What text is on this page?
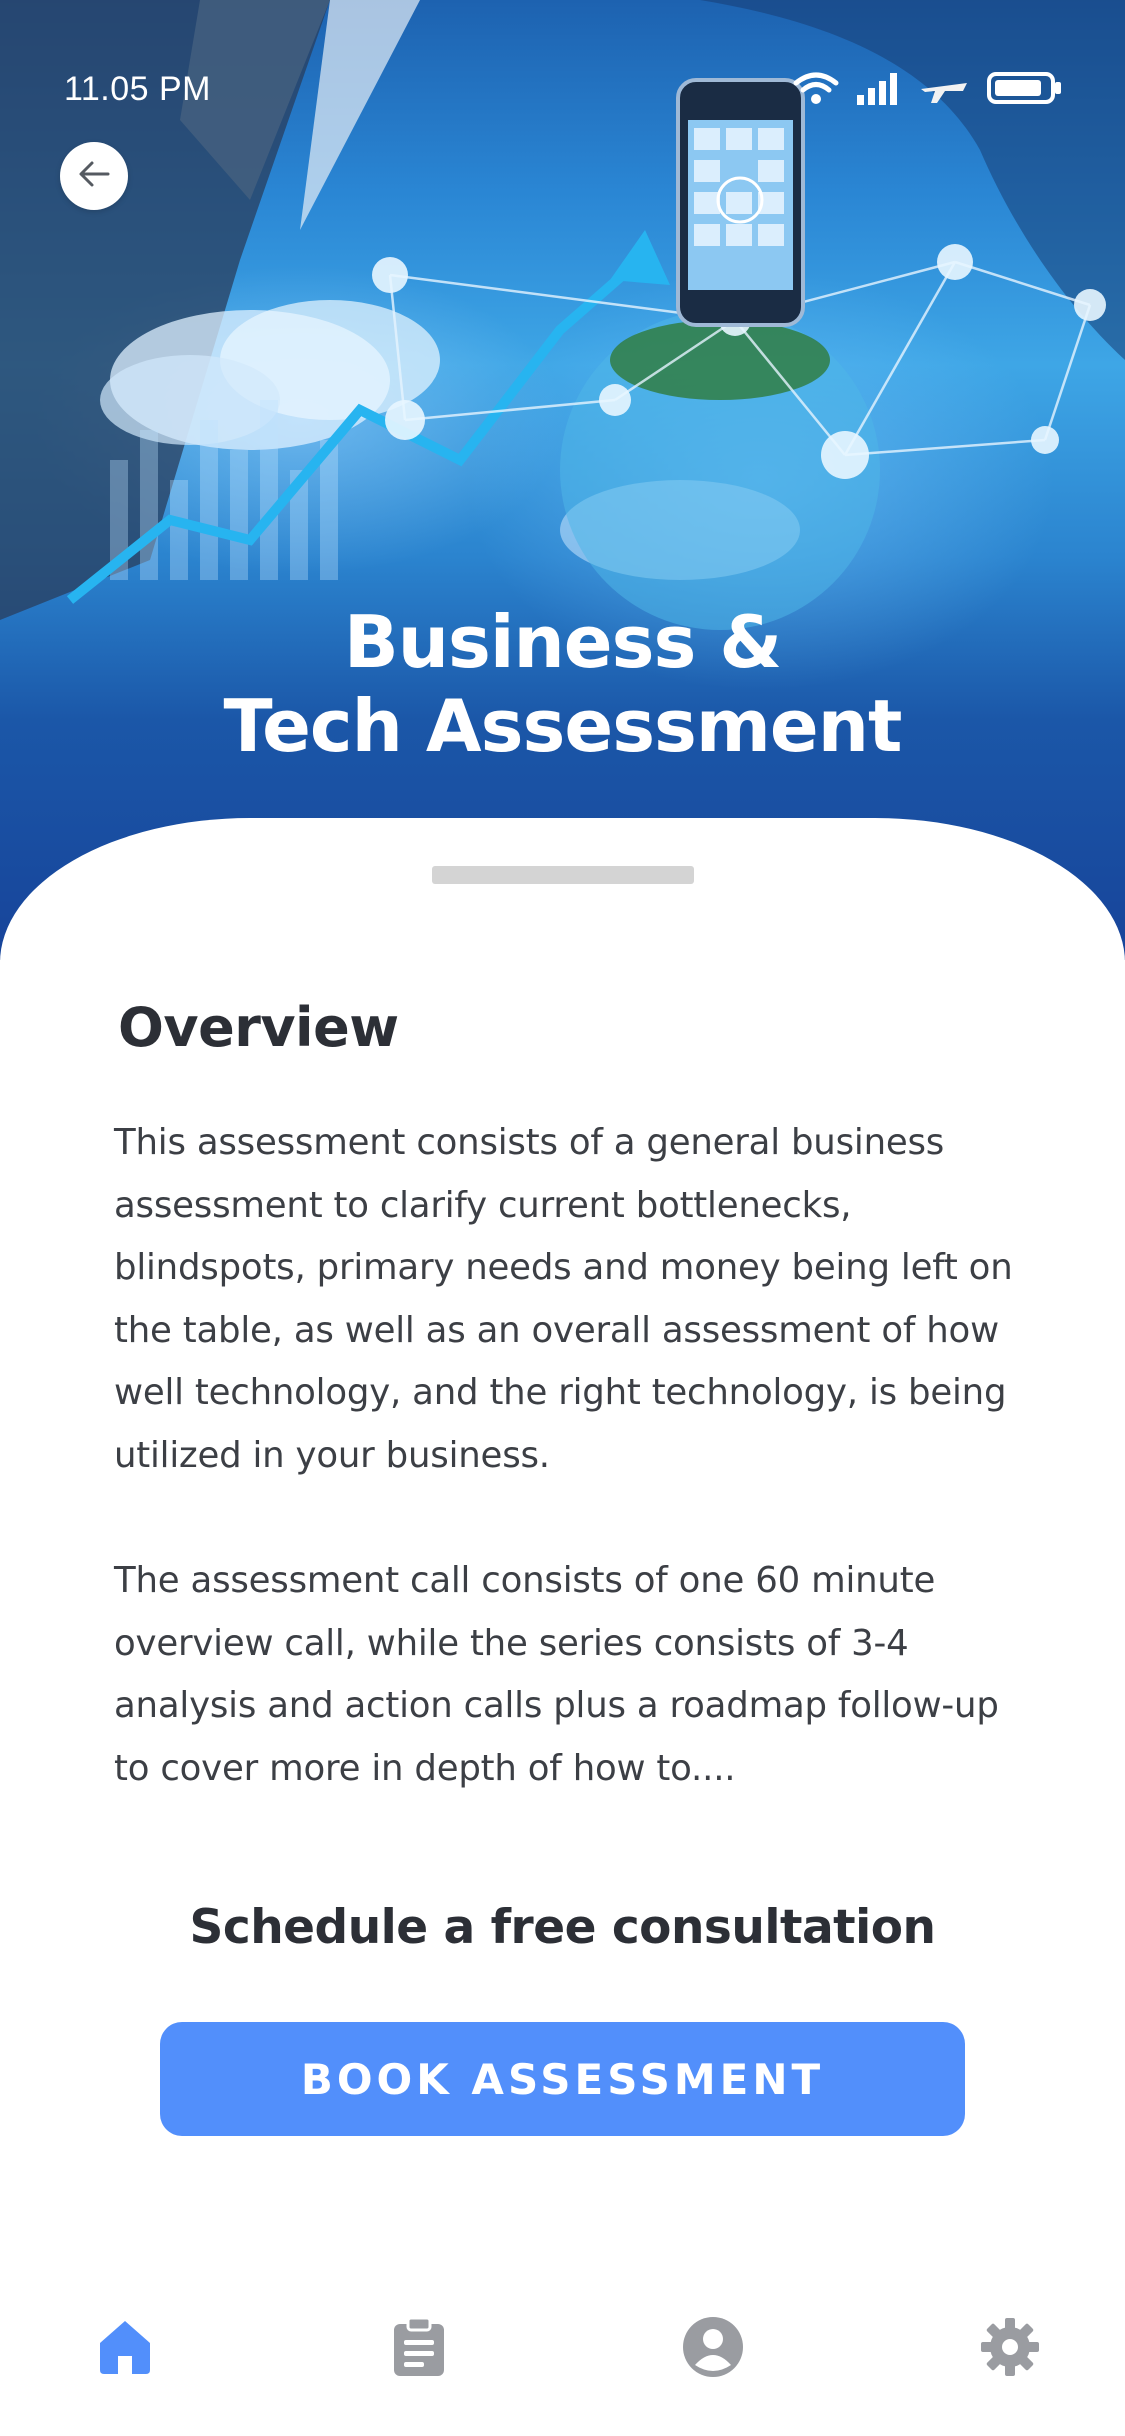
11.05 PM
Business &
Tech Assessment
Overview

This assessment consists of a general business assessment to clarify current bottlenecks, blindspots, primary needs and money being left on the table, as well as an overall assessment of how well technology, and the right technology, is being utilized in your business.

The assessment call consists of one 60 minute overview call, while the series consists of 3-4 analysis and action calls plus a roadmap follow-up to cover more in depth of how to....

Schedule a free consultation
BOOK ASSESSMENT
